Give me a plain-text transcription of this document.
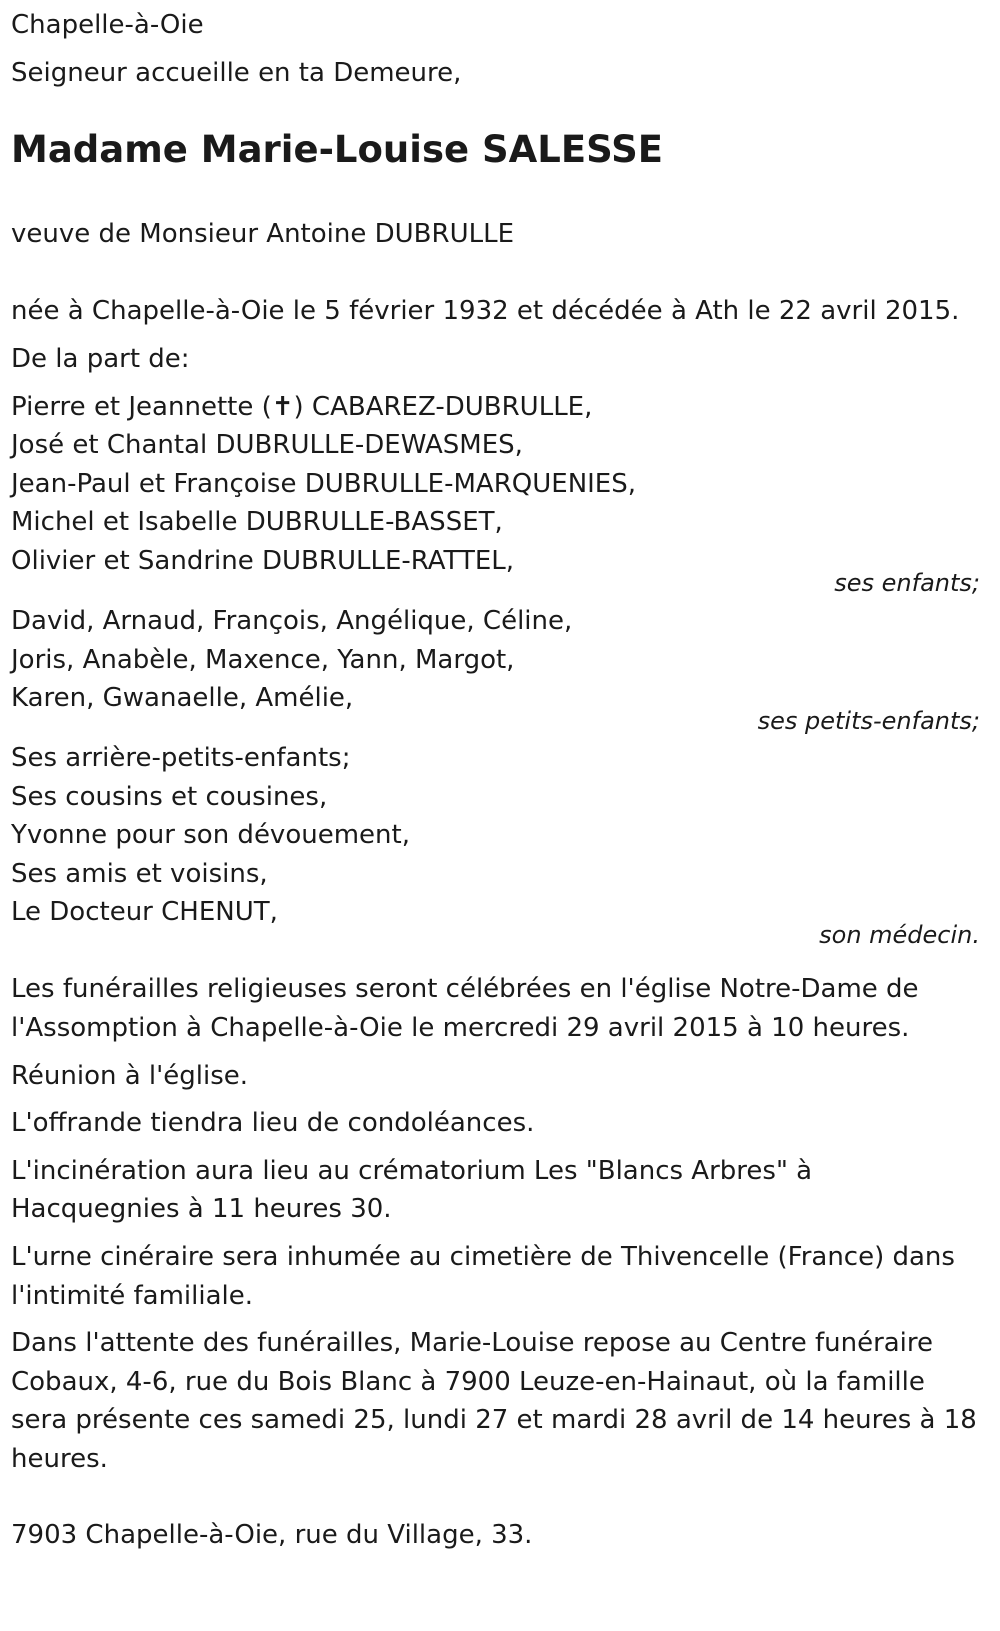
Chapelle-à-Oie
Seigneur accueille en ta Demeure,
Madame Marie-Louise SALESSE
veuve de Monsieur Antoine DUBRULLE
née à Chapelle-à-Oie le 5 février 1932 et décédée à Ath le 22 avril 2015.
De la part de:
Pierre et Jeannette (✝) CABAREZ-DUBRULLE,
José et Chantal DUBRULLE-DEWASMES,
Jean-Paul et Françoise DUBRULLE-MARQUENIES,
Michel et Isabelle DUBRULLE-BASSET,
Olivier et Sandrine DUBRULLE-RATTEL,
ses enfants;
David, Arnaud, François, Angélique, Céline,
Joris, Anabèle, Maxence, Yann, Margot,
Karen, Gwanaelle, Amélie,
ses petits-enfants;
Ses arrière-petits-enfants;
Ses cousins et cousines,
Yvonne pour son dévouement,
Ses amis et voisins,
Le Docteur CHENUT,
son médecin.
Les funérailles religieuses seront célébrées en l'église Notre-Dame de
l'Assomption à Chapelle-à-Oie le mercredi 29 avril 2015 à 10 heures.
Réunion à l'église.
L'offrande tiendra lieu de condoléances.
L'incinération aura lieu au crématorium Les "Blancs Arbres" à
Hacquegnies à 11 heures 30.
L'urne cinéraire sera inhumée au cimetière de Thivencelle (France) dans
l'intimité familiale.
Dans l'attente des funérailles, Marie-Louise repose au Centre funéraire
Cobaux, 4-6, rue du Bois Blanc à 7900 Leuze-en-Hainaut, où la famille
sera présente ces samedi 25, lundi 27 et mardi 28 avril de 14 heures à 18
heures.
7903 Chapelle-à-Oie, rue du Village, 33.
